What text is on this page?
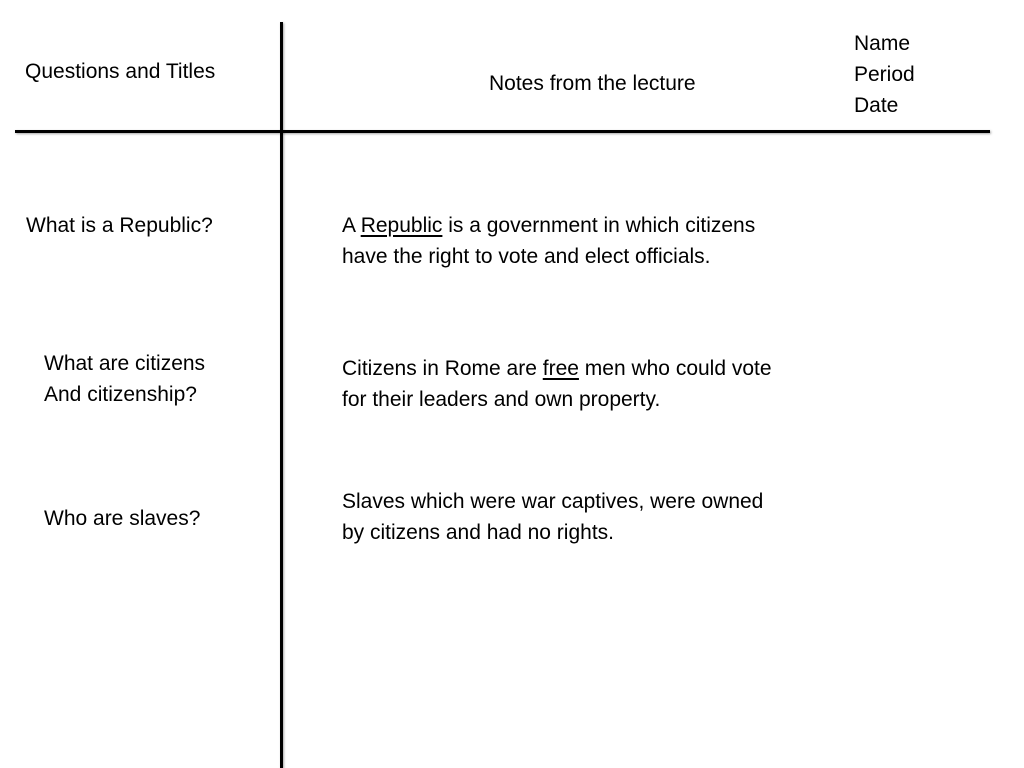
Questions and Titles
Notes from the lecture
Name
Period
Date
What is a Republic?	A Republic is a government in which citizens
have the right to vote and elect officials.
What are citizens
And citizenship?
Citizens in Rome are free men who could vote
for their leaders and own property.
Who are slaves?
Slaves which were war captives, were owned
by citizens and had no rights.
